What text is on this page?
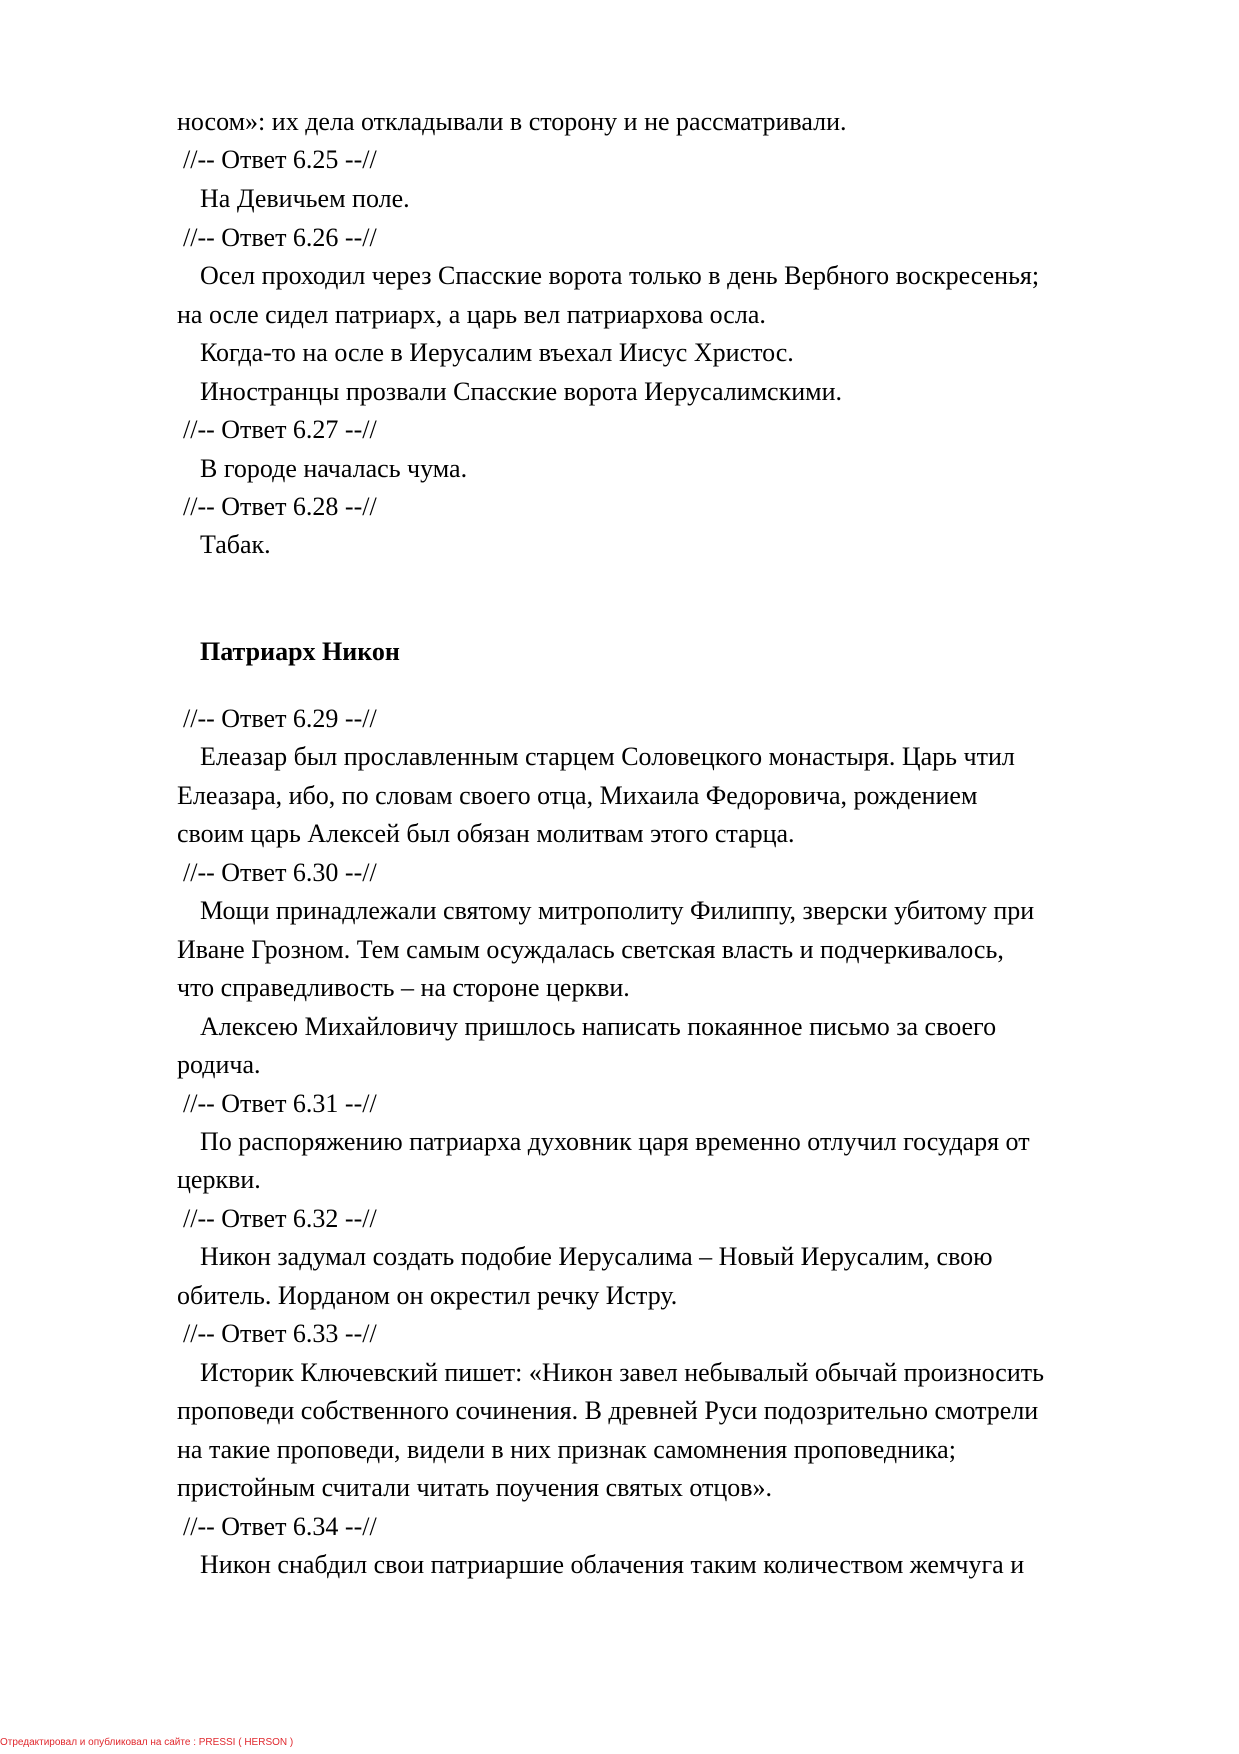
носом»: их дела откладывали в сторону и не рассматривали.
//-- Ответ 6.25 --//
На Девичьем поле.
//-- Ответ 6.26 --//
Осел проходил через Спасские ворота только в день Вербного воскресенья;
на осле сидел патриарх, а царь вел патриархова осла.
Когда-то на осле в Иерусалим въехал Иисус Христос.
Иностранцы прозвали Спасские ворота Иерусалимскими.
//-- Ответ 6.27 --//
В городе началась чума.
//-- Ответ 6.28 --//
Табак.
Патриарх Никон
//-- Ответ 6.29 --//
Елеазар был прославленным старцем Соловецкого монастыря. Царь чтил
Елеазара, ибо, по словам своего отца, Михаила Федоровича, рождением
своим царь Алексей был обязан молитвам этого старца.
//-- Ответ 6.30 --//
Мощи принадлежали святому митрополиту Филиппу, зверски убитому при
Иване Грозном. Тем самым осуждалась светская власть и подчеркивалось,
что справедливость – на стороне церкви.
Алексею Михайловичу пришлось написать покаянное письмо за своего
родича.
//-- Ответ 6.31 --//
По распоряжению патриарха духовник царя временно отлучил государя от
церкви.
//-- Ответ 6.32 --//
Никон задумал создать подобие Иерусалима – Новый Иерусалим, свою
обитель. Иорданом он окрестил речку Истру.
//-- Ответ 6.33 --//
Историк Ключевский пишет: «Никон завел небывалый обычай произносить
проповеди собственного сочинения. В древней Руси подозрительно смотрели
на такие проповеди, видели в них признак самомнения проповедника;
пристойным считали читать поучения святых отцов».
//-- Ответ 6.34 --//
Никон снабдил свои патриаршие облачения таким количеством жемчуга и
Отредактировал и опубликовал на сайте : PRESSI ( HERSON )
